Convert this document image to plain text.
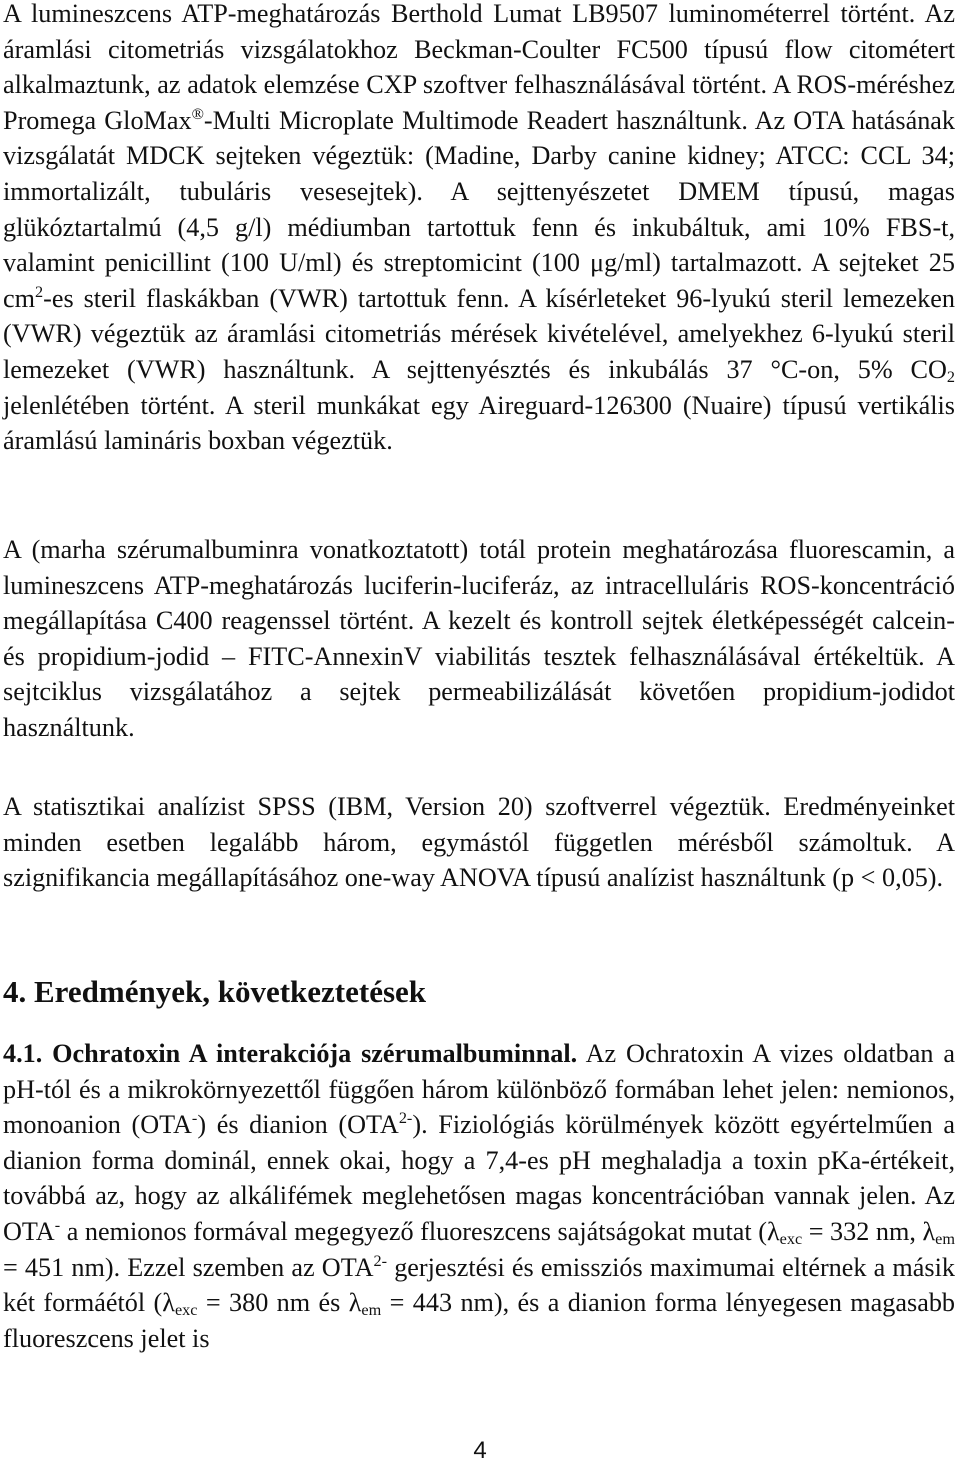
A lumineszcens ATP-meghatározás Berthold Lumat LB9507 luminométerrel történt. Az áramlási citometriás vizsgálatokhoz Beckman-Coulter FC500 típusú flow citométert alkalmaztunk, az adatok elemzése CXP szoftver felhasználásával történt. A ROS-méréshez Promega GloMax®-Multi Microplate Multimode Readert használtunk. Az OTA hatásának vizsgálatát MDCK sejteken végeztük: (Madine, Darby canine kidney; ATCC: CCL 34; immortalizált, tubuláris vesesejtek). A sejttenyészetet DMEM típusú, magas glükóztartalmú (4,5 g/l) médiumban tartottuk fenn és inkubáltuk, ami 10% FBS-t, valamint penicillint (100 U/ml) és streptomicint (100 μg/ml) tartalmazott. A sejteket 25 $cm^2-es$ steril flaskákban (VWR) tartottuk fenn. A kísérleteket 96-lyukú steril lemezeken (VWR) végeztük az áramlási citometriás mérések kivételével, amelyekhez 6-lyukú steril lemezeket (VWR) használtunk. A sejttenyésztés és inkubálás 37 °C-on, 5% $CO_2$ jelenlétében történt. A steril munkákat egy Aireguard-126300 (Nuaire) típusú vertikális áramlású lamináris boxban végeztük.

A (marha szérumalbuminra vonatkoztatott) totál protein meghatározása fluorescamin, a lumineszcens ATP-meghatározás luciferin-luciferáz, az intracelluláris ROS-koncentráció megállapítása C400 reagenssel történt. A kezelt és kontroll sejtek életképességét calcein- és propidium-jodid – FITC-AnnexinV viabilitás tesztek felhasználásával értékeltük. A sejtciklus vizsgálatához a sejtek permeabilizálását követően propidium-jodidot használtunk.

A statisztikai analízist SPSS (IBM, Version 20) szoftverrel végeztük. Eredményeinket minden esetben legalább három, egymástól független mérésből számoltuk. A szignifikancia megállapításához one-way ANOVA típusú analízist használtunk (p < 0,05).

4. Eredmények, következtetések

4.1. Ochratoxin A interakciója szérumalbuminnal. Az Ochratoxin A vizes oldatban a pH-tól és a mikrokörnyezettől függően három különböző formában lehet jelen: nemionos, monoanion (OTA-) és dianion $(OTA^{2-})$. Fiziológiás körülmények között egyértelműen a dianion forma dominál, ennek okai, hogy a 7,4-es pH meghaladja a toxin pKa-értékeit, továbbá az, hogy az alkálifémek meglehetősen magas koncentrációban vannak jelen. Az OTA- a nemionos formával megegyező fluoreszcens sajátságokat mutat ($\lambda_{exc} = 332$ nm, $\lambda_{em} = 451$ nm). Ezzel szemben az $OTA^{2-}$ gerjesztési és emissziós maximumai eltérnek a másik két formáétól ($\lambda_{exc} = 380$ nm és $\lambda_{em} = 443$ nm), és a dianion forma lényegesen magasabb fluoreszcens jelet is

4
